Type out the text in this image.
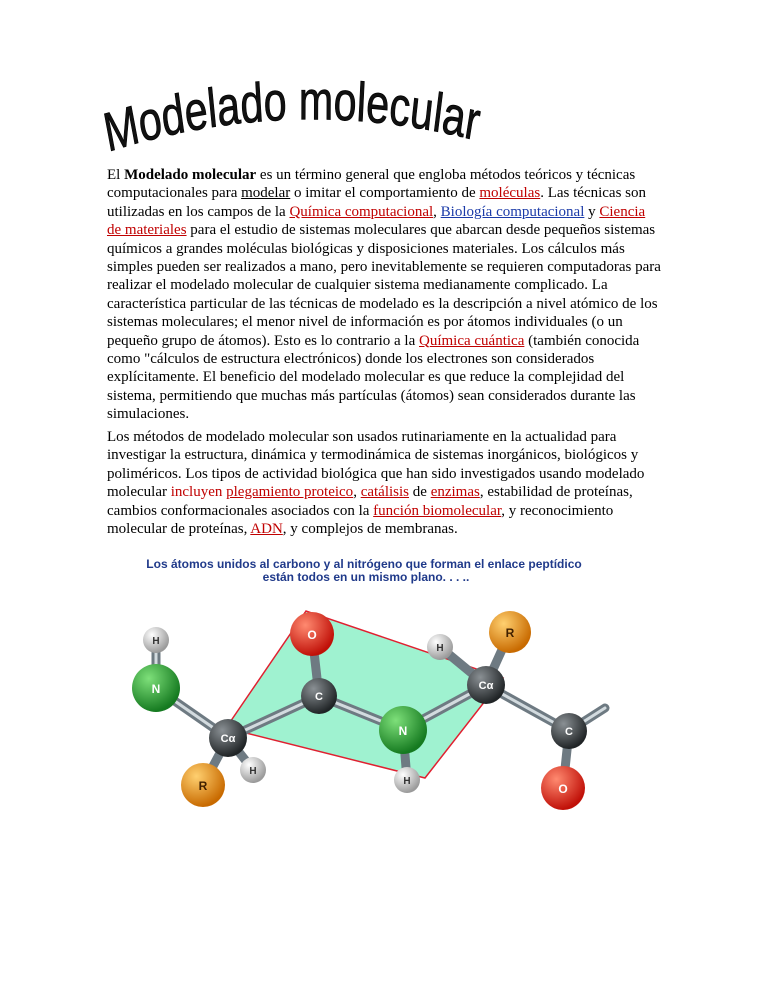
Modelado molecular

El Modelado molecular es un término general que engloba métodos teóricos y técnicas computacionales para modelar o imitar el comportamiento de moléculas. Las técnicas son utilizadas en los campos de la Química computacional, Biología computacional y Ciencia de materiales para el estudio de sistemas moleculares que abarcan desde pequeños sistemas químicos a grandes moléculas biológicas y disposiciones materiales. Los cálculos más simples pueden ser realizados a mano, pero inevitablemente se requieren computadoras para realizar el modelado molecular de cualquier sistema medianamente complicado. La característica particular de las técnicas de modelado es la descripción a nivel atómico de los sistemas moleculares; el menor nivel de información es por átomos individuales (o un pequeño grupo de átomos). Esto es lo contrario a la Química cuántica (también conocida como "cálculos de estructura electrónicos) donde los electrones son considerados explícitamente. El beneficio del modelado molecular es que reduce la complejidad del sistema, permitiendo que muchas más partículas (átomos) sean considerados durante las simulaciones.

Los métodos de modelado molecular son usados rutinariamente en la actualidad para investigar la estructura, dinámica y termodinámica de sistemas inorgánicos, biológicos y poliméricos. Los tipos de actividad biológica que han sido investigados usando modelado molecular incluyen plegamiento proteico, catálisis de enzimas, estabilidad de proteínas, cambios conformacionales asociados con la función biomolecular, y reconocimiento molecular de proteínas, ADN, y complejos de membranas.

Los átomos unidos al carbono y al nitrógeno que forman el enlace peptídico
están todos en un mismo plano. . . ..
O	R
H
H
N
C
Cα
Cα
N	C
H
R	H
O
